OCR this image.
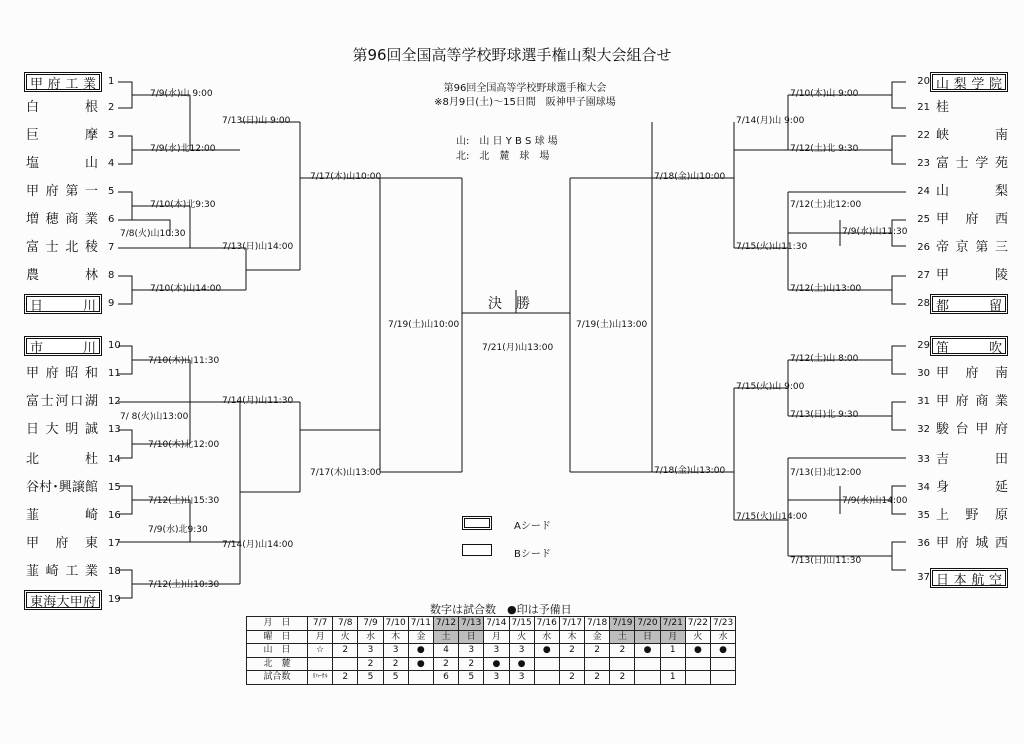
第96回全国高等学校野球選手権山梨大会組合せ
第96回全国高等学校野球選手権大会
※8月9日(土)～15日間　阪神甲子園球場
山:　山 日 Y B S 球 場
北:　北　麓　球　場
決　勝
7/21(月)山13:00
甲府工業	1
白根 2
巨摩 3
塩山 4
甲府第一 5
増穂商業 6
富士北稜 7
農林 8
日川	9
市川	10
甲府昭和 11
富士河口湖 12
日大明誠 13
北杜 14
谷村･興譲館 15
韮崎 16
甲府東 17
韮崎工業 18
東海大甲府	19
山梨学院
20
桂
21
峡南
22
富士学苑
23
山梨
24
甲府西
25
帝京第三
26
甲陵
27
都留
28
笛吹
29
甲府南
30
甲府商業
31
駿台甲府
32
吉田
33
身延
34
上野原
35
甲府城西
36
日本航空
37
7/9(水)山 9:00
7/13(日)山 9:00
7/9(水)北12:00
7/10(木)北9:30
7/8(火)山10:30
7/13(日)山14:00
7/17(木)山10:00
7/10(木)山14:00
7/19(土)山10:00
7/10(木)山11:30
7/ 8(火)山13:00
7/14(月)山11:30
7/10(木)北12:00
7/17(木)山13:00
7/12(土)山15:30
7/9(水)北9:30
7/14(月)山14:00
7/12(土)山10:30
7/10(木)山 9:00
7/14(月)山 9:00
7/12(土)北 9:30
7/18(金)山10:00
7/12(土)北12:00
7/9(水)山11:30
7/15(火)山11:30
7/12(土)山13:00
7/19(土)山13:00
7/12(土)山 8:00
7/15(火)山 9:00
7/13(日)北 9:30
7/18(金)山13:00	7/13(日)北12:00
7/9(水)山14:00
7/15(火)山14:00
7/13(日)山11:30
Aシード
Bシード
数字は試合数　●印は予備日
月　日	7/7	7/8	7/9	7/10	7/11	7/12	7/13	7/14	7/15	7/16	7/17	7/18	7/19	7/20	7/21	7/22	7/23
曜　日	月	火	水	木	金	土	日	月	火	水	木	金	土	日	月	火	水
山　日	☆	2	3	3	●	4	3	3	3	●	2	2	2	●	1	●	●
北　麓			2	2	●	2	2	●	●								
試合数	ﾘﾊｰｻﾙ	2	5	5		6	5	3	3		2	2	2		1		
